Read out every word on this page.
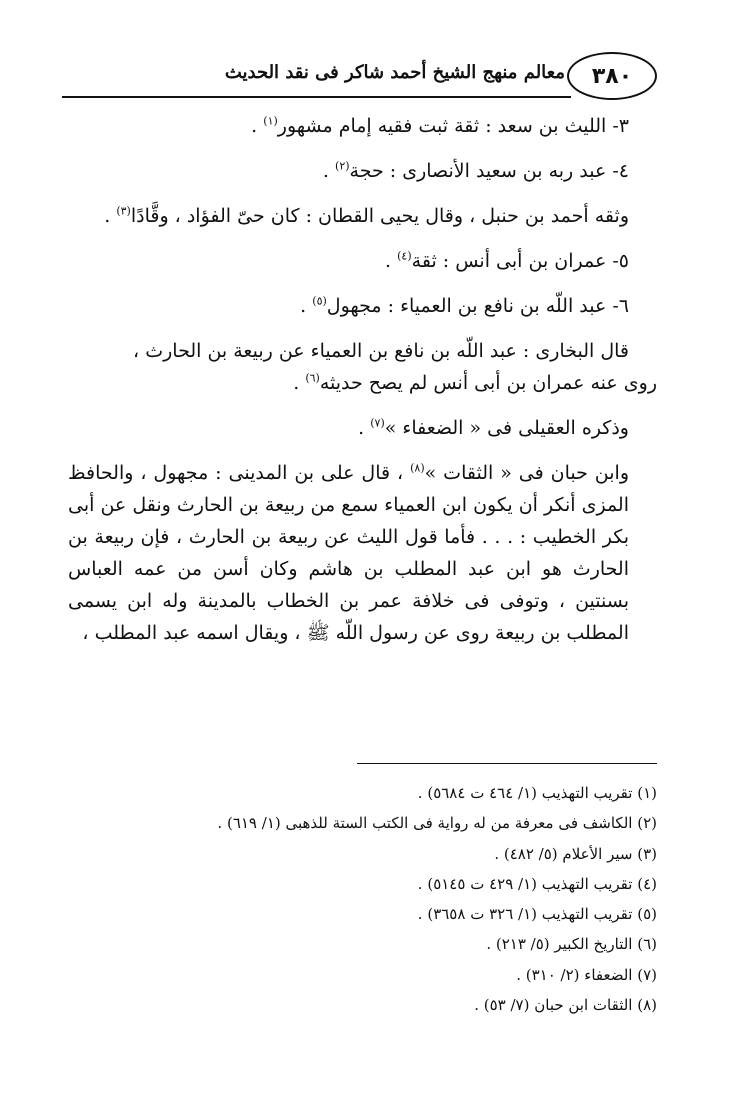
٣٨٠
معالم منهج الشيخ أحمد شاكر فى نقد الحديث

٣- الليث بن سعد : ثقة ثبت فقيه إمام مشهور$^{(١)}$ .

٤- عبد ربه بن سعيد الأنصارى : حجة$^{(٢)}$ .

وثقه أحمد بن حنبل ، وقال يحيى القطان : كان حىّ الفؤاد ، وقَّادًا$^{(٣)}$ .

٥- عمران بن أبى أنس : ثقة$^{(٤)}$ .

٦- عبد اللّه بن نافع بن العمياء : مجهول$^{(٥)}$ .

قال البخارى : عبد اللّه بن نافع بن العمياء عن ربيعة بن الحارث ،

روى عنه عمران بن أبى أنس لم يصح حديثه$^{(٦)}$ .

وذكره العقيلى فى « الضعفاء »$^{(٧)}$ .

وابن حبان فى « الثقات »$^{(٨)}$ ، قال على بن المدينى : مجهول ، والحافظ المزى أنكر أن يكون ابن العمياء سمع من ربيعة بن الحارث ونقل عن أبى بكر الخطيب : . . . فأما قول الليث عن ربيعة بن الحارث ، فإن ربيعة بن الحارث هو ابن عبد المطلب بن هاشم وكان أسن من عمه العباس بسنتين ، وتوفى فى خلافة عمر بن الخطاب بالمدينة وله ابن يسمى المطلب بن ربيعة روى عن رسول اللّه ﷺ ، ويقال اسمه عبد المطلب ،

(١) تقريب التهذيب (١/ ٤٦٤ ت ٥٦٨٤) .

(٢) الكاشف فى معرفة من له رواية فى الكتب الستة للذهبى (١/ ٦١٩) .

(٣) سير الأعلام (٥/ ٤٨٢) .

(٤) تقريب التهذيب (١/ ٤٢٩ ت ٥١٤٥) .

(٥) تقريب التهذيب (١/ ٣٢٦ ت ٣٦٥٨) .

(٦) التاريخ الكبير (٥/ ٢١٣) .

(٧) الضعفاء (٢/ ٣١٠) .

(٨) الثقات ابن حبان (٧/ ٥٣) .
